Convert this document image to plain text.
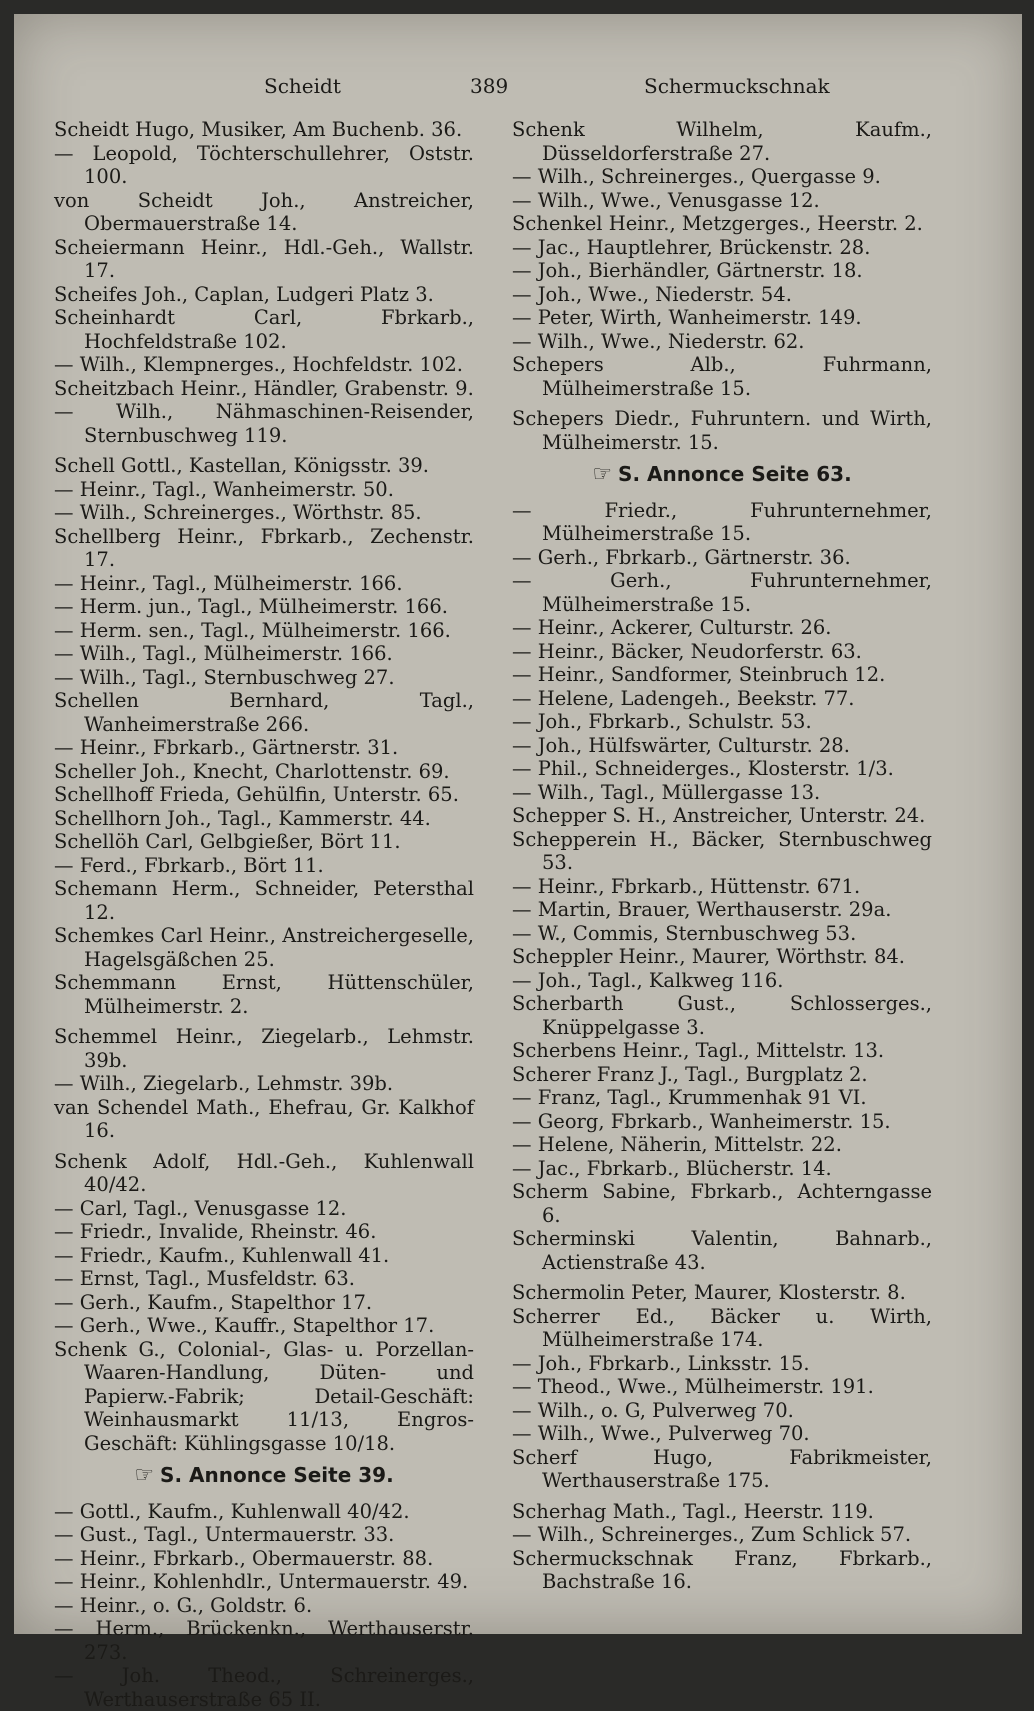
Scheidt	389	Schermuckschnak

Scheidt Hugo, Musiker, Am Buchenb. 36.

— Leopold, Töchterschullehrer, Oststr. 100.

von Scheidt Joh., Anstreicher, Obermauerstraße 14.

Scheiermann Heinr., Hdl.-Geh., Wallstr. 17.

Scheifes Joh., Caplan, Ludgeri Platz 3.

Scheinhardt Carl, Fbrkarb., Hochfeldstraße 102.

— Wilh., Klempnerges., Hochfeldstr. 102.

Scheitzbach Heinr., Händler, Grabenstr. 9.

— Wilh., Nähmaschinen-Reisender, Sternbuschweg 119.

Schell Gottl., Kastellan, Königsstr. 39.

— Heinr., Tagl., Wanheimerstr. 50.

— Wilh., Schreinerges., Wörthstr. 85.

Schellberg Heinr., Fbrkarb., Zechenstr. 17.

— Heinr., Tagl., Mülheimerstr. 166.

— Herm. jun., Tagl., Mülheimerstr. 166.

— Herm. sen., Tagl., Mülheimerstr. 166.

— Wilh., Tagl., Mülheimerstr. 166.

— Wilh., Tagl., Sternbuschweg 27.

Schellen Bernhard, Tagl., Wanheimerstraße 266.

— Heinr., Fbrkarb., Gärtnerstr. 31.

Scheller Joh., Knecht, Charlottenstr. 69.

Schellhoff Frieda, Gehülfin, Unterstr. 65.

Schellhorn Joh., Tagl., Kammerstr. 44.

Schellöh Carl, Gelbgießer, Bört 11.

— Ferd., Fbrkarb., Bört 11.

Schemann Herm., Schneider, Petersthal 12.

Schemkes Carl Heinr., Anstreichergeselle, Hagelsgäßchen 25.

Schemmann Ernst, Hüttenschüler, Mülheimerstr. 2.

Schemmel Heinr., Ziegelarb., Lehmstr. 39b.

— Wilh., Ziegelarb., Lehmstr. 39b.

van Schendel Math., Ehefrau, Gr. Kalkhof 16.

Schenk Adolf, Hdl.-Geh., Kuhlenwall 40/42.

— Carl, Tagl., Venusgasse 12.

— Friedr., Invalide, Rheinstr. 46.

— Friedr., Kaufm., Kuhlenwall 41.

— Ernst, Tagl., Musfeldstr. 63.

— Gerh., Kaufm., Stapelthor 17.

— Gerh., Wwe., Kauffr., Stapelthor 17.

Schenk G., Colonial-, Glas- u. Porzellan-Waaren-Handlung, Düten- und Papierw.-Fabrik; Detail-Geschäft: Weinhausmarkt 11/13, Engros-Geschäft: Kühlingsgasse 10/18.

☞ S. Annonce Seite 39.

— Gottl., Kaufm., Kuhlenwall 40/42.

— Gust., Tagl., Untermauerstr. 33.

— Heinr., Fbrkarb., Obermauerstr. 88.

— Heinr., Kohlenhdlr., Untermauerstr. 49.

— Heinr., o. G., Goldstr. 6.

— Herm., Brückenkn., Werthauserstr. 273.

— Joh. Theod., Schreinerges., Werthauserstraße 65 II.

Schenk Wilhelm, Kaufm., Düsseldorferstraße 27.

— Wilh., Schreinerges., Quergasse 9.

— Wilh., Wwe., Venusgasse 12.

Schenkel Heinr., Metzgerges., Heerstr. 2.

— Jac., Hauptlehrer, Brückenstr. 28.

— Joh., Bierhändler, Gärtnerstr. 18.

— Joh., Wwe., Niederstr. 54.

— Peter, Wirth, Wanheimerstr. 149.

— Wilh., Wwe., Niederstr. 62.

Schepers Alb., Fuhrmann, Mülheimerstraße 15.

Schepers Diedr., Fuhruntern. und Wirth, Mülheimerstr. 15.

☞ S. Annonce Seite 63.

— Friedr., Fuhrunternehmer, Mülheimerstraße 15.

— Gerh., Fbrkarb., Gärtnerstr. 36.

— Gerh., Fuhrunternehmer, Mülheimerstraße 15.

— Heinr., Ackerer, Culturstr. 26.

— Heinr., Bäcker, Neudorferstr. 63.

— Heinr., Sandformer, Steinbruch 12.

— Helene, Ladengeh., Beekstr. 77.

— Joh., Fbrkarb., Schulstr. 53.

— Joh., Hülfswärter, Culturstr. 28.

— Phil., Schneiderges., Klosterstr. 1/3.

— Wilh., Tagl., Müllergasse 13.

Schepper S. H., Anstreicher, Unterstr. 24.

Schepperein H., Bäcker, Sternbuschweg 53.

— Heinr., Fbrkarb., Hüttenstr. 671.

— Martin, Brauer, Werthauserstr. 29a.

— W., Commis, Sternbuschweg 53.

Scheppler Heinr., Maurer, Wörthstr. 84.

— Joh., Tagl., Kalkweg 116.

Scherbarth Gust., Schlosserges., Knüppelgasse 3.

Scherbens Heinr., Tagl., Mittelstr. 13.

Scherer Franz J., Tagl., Burgplatz 2.

— Franz, Tagl., Krummenhak 91 VI.

— Georg, Fbrkarb., Wanheimerstr. 15.

— Helene, Näherin, Mittelstr. 22.

— Jac., Fbrkarb., Blücherstr. 14.

Scherm Sabine, Fbrkarb., Achterngasse 6.

Scherminski Valentin, Bahnarb., Actienstraße 43.

Schermolin Peter, Maurer, Klosterstr. 8.

Scherrer Ed., Bäcker u. Wirth, Mülheimerstraße 174.

— Joh., Fbrkarb., Linksstr. 15.

— Theod., Wwe., Mülheimerstr. 191.

— Wilh., o. G, Pulverweg 70.

— Wilh., Wwe., Pulverweg 70.

Scherf Hugo, Fabrikmeister, Werthauserstraße 175.

Scherhag Math., Tagl., Heerstr. 119.

— Wilh., Schreinerges., Zum Schlick 57.

Schermuckschnak Franz, Fbrkarb., Bachstraße 16.
